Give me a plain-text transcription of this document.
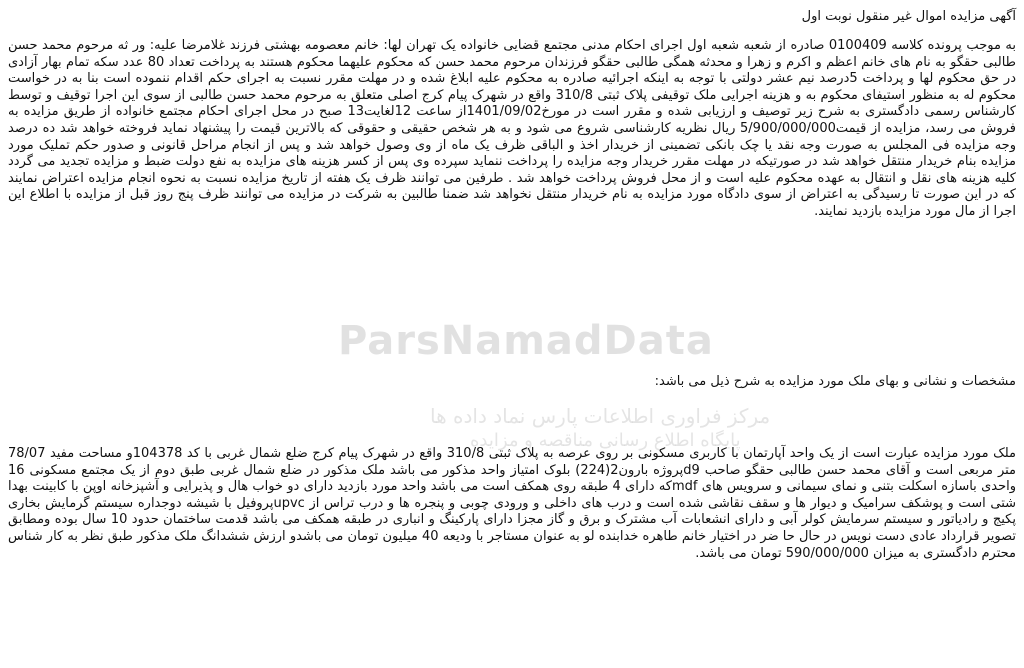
آگهی مزایده اموال غیر منقول نوبت اول

به موجب پرونده کلاسه 0100409 صادره از شعبه شعبه اول اجرای احکام مدنی مجتمع قضایی خانواده یک تهران لها: خانم معصومه بهشتی فرزند غلامرضا علیه: ور ثه مرحوم محمد حسن طالبی حقگو به نام های خانم اعظم و اکرم و زهرا و محدثه همگی طالبی حقگو فرزندان مرحوم محمد حسن که محکوم علیهما محکوم هستند به پرداخت تعداد 80 عدد سکه تمام بهار آزادی در حق محکوم لها و پرداخت 5درصد نیم عشر دولتی با توجه به اینکه اجرائیه صادره به محکوم علیه ابلاغ شده و در مهلت مقرر نسبت به اجرای حکم اقدام ننموده است بنا به در خواست محکوم له به منظور استیفای محکوم به و هزینه اجرایی ملک توقیفی پلاک ثبتی 310/8 واقع در شهرک پیام کرج اصلی متعلق به مرحوم محمد حسن طالبی از سوی این اجرا توقیف و توسط کارشناس رسمی دادگستری به شرح زیر توصیف و ارزیابی شده و مقرر است در مورخ1401/09/02از ساعت 12لغایت13 صبح در محل اجرای احکام مجتمع خانواده از طریق مزایده به فروش می رسد، مزایده از قیمت5/900/000/000 ریال نظریه کارشناسی شروع می شود و به هر شخص حقیقی و حقوقی که بالاترین قیمت را پیشنهاد نماید فروخته خواهد شد ده درصد وجه مزایده فی المجلس به صورت وجه نقد یا چک بانکی تضمینی از خریدار اخذ و الباقی ظرف یک ماه از وی وصول خواهد شد و پس از انجام مراحل قانونی و صدور حکم تملیک مورد مزایده بنام خریدار منتقل خواهد شد در صورتیکه در مهلت مقرر خریدار وجه مزایده را پرداخت ننماید سپرده وی پس از کسر هزینه های مزایده به نفع دولت ضبط و مزایده تجدید می گردد کلیه هزینه های نقل و انتقال به عهده محکوم علیه است و از محل فروش پرداخت خواهد شد . طرفین می توانند ظرف یک هفته از تاریخ مزایده نسبت به نحوه انجام مزایده اعتراض نمایند که در این صورت تا رسیدگی به اعتراض از سوی دادگاه مورد مزایده به نام خریدار منتقل نخواهد شد ضمنا طالبین به شرکت در مزایده می توانند ظرف پنج روز قبل از مزایده با اطلاع این اجرا از مال مورد مزایده بازدید نمایند.

ParsNamadData
مرکز فراوری اطلاعات پارس نماد داده ها
پایگاه اطلاع رسانی مناقصه و مزایده
مشخصات و نشانی و بهای ملک مورد مزایده به شرح ذیل می باشد:

ملک مورد مزایده عبارت است از یک واحد آپارتمان با کاربری مسکونی بر روی عرصه به پلاک ثبتی 310/8 واقع در شهرک پیام کرج ضلع شمال غربی با کد 104378و مساحت مفید 78/07 متر مربعی است و آقای محمد حسن طالبی حقگو صاحب d9پروژه بارون2(224) بلوک امتیاز واحد مذکور می باشد ملک مذکور در ضلع شمال غربی طبق دوم از یک مجتمع مسکونی 16 واحدی باسازه اسکلت بتنی و نمای سیمانی و سرویس های mdfکه دارای 4 طبقه روی همکف است می باشد واحد مورد بازدید دارای دو خواب هال و پذیرایی و آشپزخانه اوپن با کابینت بهدا شتی است و پوشکف سرامیک و دیوار ها و سقف نقاشی شده است و درب های داخلی و ورودی چوبی و پنجره ها و درب تراس از upvcپروفیل با شیشه دوجداره سیستم گرمایش بخاری پکیج و رادیاتور و سیستم سرمایش کولر آبی و دارای انشعابات آب مشترک و برق و گاز مجزا دارای پارکینگ و انباری در طبقه همکف می باشد قدمت ساختمان حدود 10 سال بوده ومطابق تصویر قرارداد عادی دست نویس در حال حا ضر در اختیار خانم طاهره خدابنده لو به عنوان مستاجر با ودیعه 40 میلیون تومان می باشدو ارزش ششدانگ ملک مذکور طبق نظر به کار شناس محترم دادگستری به میزان 590/000/000 تومان می باشد.
